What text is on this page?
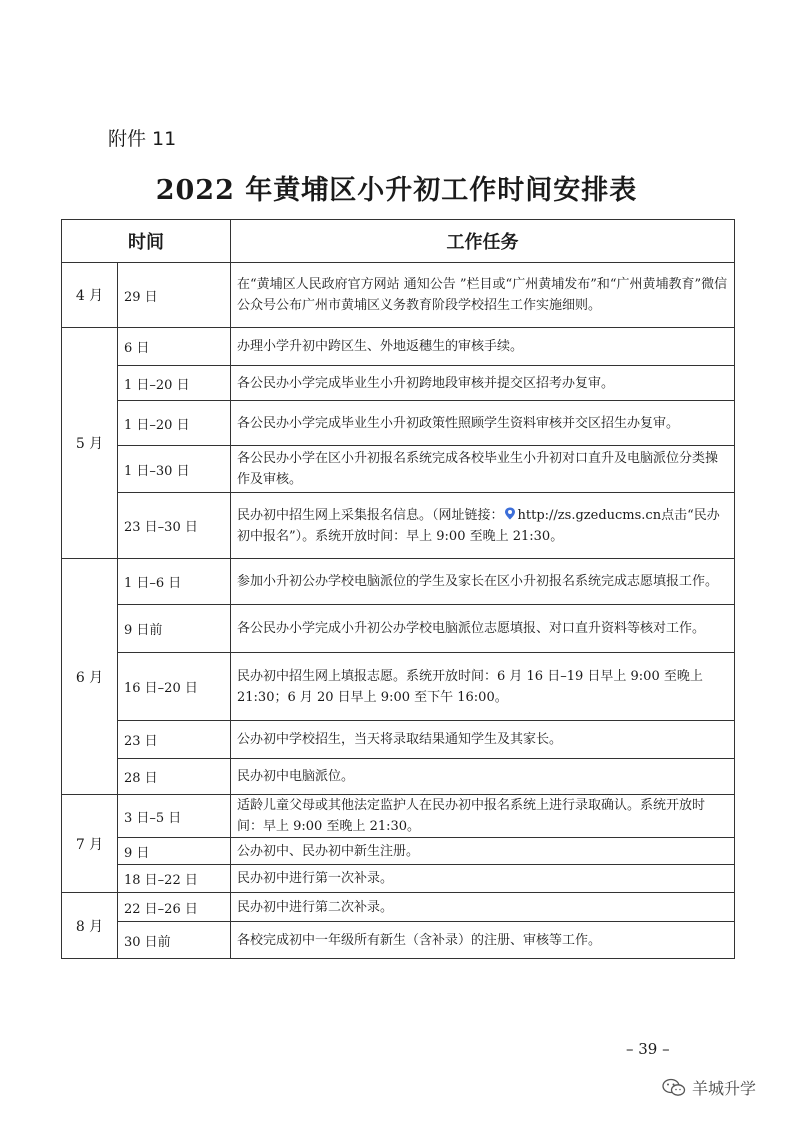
附件 11
2022 年黄埔区小升初工作时间安排表
时间		工作任务
4 月	29 日	在“黄埔区人民政府官方网站 通知公告 ”栏目或“广州黄埔发布”和“广州黄埔教育”微信公众号公布广州市黄埔区义务教育阶段学校招生工作实施细则。
5 月	6 日	办理小学升初中跨区生、外地返穗生的审核手续。
	1 日–20 日	各公民办小学完成毕业生小升初跨地段审核并提交区招考办复审。
	1 日–20 日	各公民办小学完成毕业生小升初政策性照顾学生资料审核并交区招生办复审。
	1 日–30 日	各公民办小学在区小升初报名系统完成各校毕业生小升初对口直升及电脑派位分类操作及审核。
	23 日–30 日	民办初中招生网上采集报名信息。（网址链接： http://zs.gzeducms.cn点击“民办初中报名”）。系统开放时间：早上 9:00 至晚上 21:30。
6 月	1 日–6 日	参加小升初公办学校电脑派位的学生及家长在区小升初报名系统完成志愿填报工作。
	9 日前	各公民办小学完成小升初公办学校电脑派位志愿填报、对口直升资料等核对工作。
	16 日–20 日	民办初中招生网上填报志愿。系统开放时间：6 月 16 日–19 日早上 9:00 至晚上 21:30；6 月 20 日早上 9:00 至下午 16:00。
	23 日	公办初中学校招生，当天将录取结果通知学生及其家长。
	28 日	民办初中电脑派位。
7 月	3 日–5 日	适龄儿童父母或其他法定监护人在民办初中报名系统上进行录取确认。系统开放时间：早上 9:00 至晚上 21:30。
	9 日	公办初中、民办初中新生注册。
	18 日–22 日	民办初中进行第一次补录。
8 月	22 日–26 日	民办初中进行第二次补录。
	30 日前	各校完成初中一年级所有新生（含补录）的注册、审核等工作。
– 39 –
羊城升学
